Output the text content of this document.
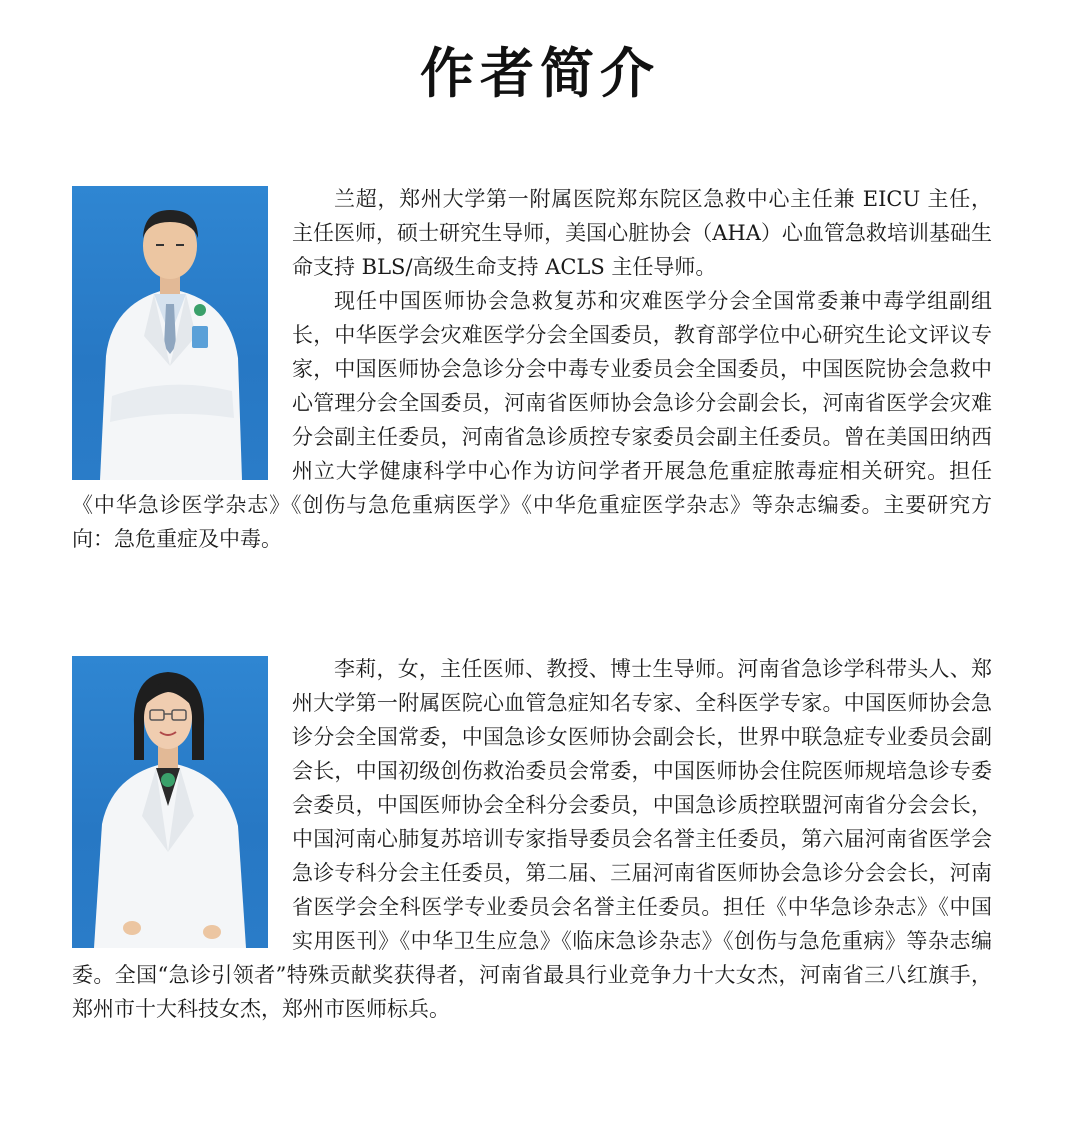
作者简介

兰超，郑州大学第一附属医院郑东院区急救中心主任兼 EICU 主任，主任医师，硕士研究生导师，美国心脏协会（AHA）心血管急救培训基础生命支持 BLS/高级生命支持 ACLS 主任导师。

现任中国医师协会急救复苏和灾难医学分会全国常委兼中毒学组副组长，中华医学会灾难医学分会全国委员，教育部学位中心研究生论文评议专家，中国医师协会急诊分会中毒专业委员会全国委员，中国医院协会急救中心管理分会全国委员，河南省医师协会急诊分会副会长，河南省医学会灾难分会副主任委员，河南省急诊质控专家委员会副主任委员。曾在美国田纳西州立大学健康科学中心作为访问学者开展急危重症脓毒症相关研究。担任《中华急诊医学杂志》《创伤与急危重病医学》《中华危重症医学杂志》等杂志编委。主要研究方向：急危重症及中毒。

李莉，女，主任医师、教授、博士生导师。河南省急诊学科带头人、郑州大学第一附属医院心血管急症知名专家、全科医学专家。中国医师协会急诊分会全国常委，中国急诊女医师协会副会长，世界中联急症专业委员会副会长，中国初级创伤救治委员会常委，中国医师协会住院医师规培急诊专委会委员，中国医师协会全科分会委员，中国急诊质控联盟河南省分会会长，中国河南心肺复苏培训专家指导委员会名誉主任委员，第六届河南省医学会急诊专科分会主任委员，第二届、三届河南省医师协会急诊分会会长，河南省医学会全科医学专业委员会名誉主任委员。担任《中华急诊杂志》《中国实用医刊》《中华卫生应急》《临床急诊杂志》《创伤与急危重病》等杂志编委。全国“急诊引领者”特殊贡献奖获得者，河南省最具行业竞争力十大女杰，河南省三八红旗手，郑州市十大科技女杰，郑州市医师标兵。
